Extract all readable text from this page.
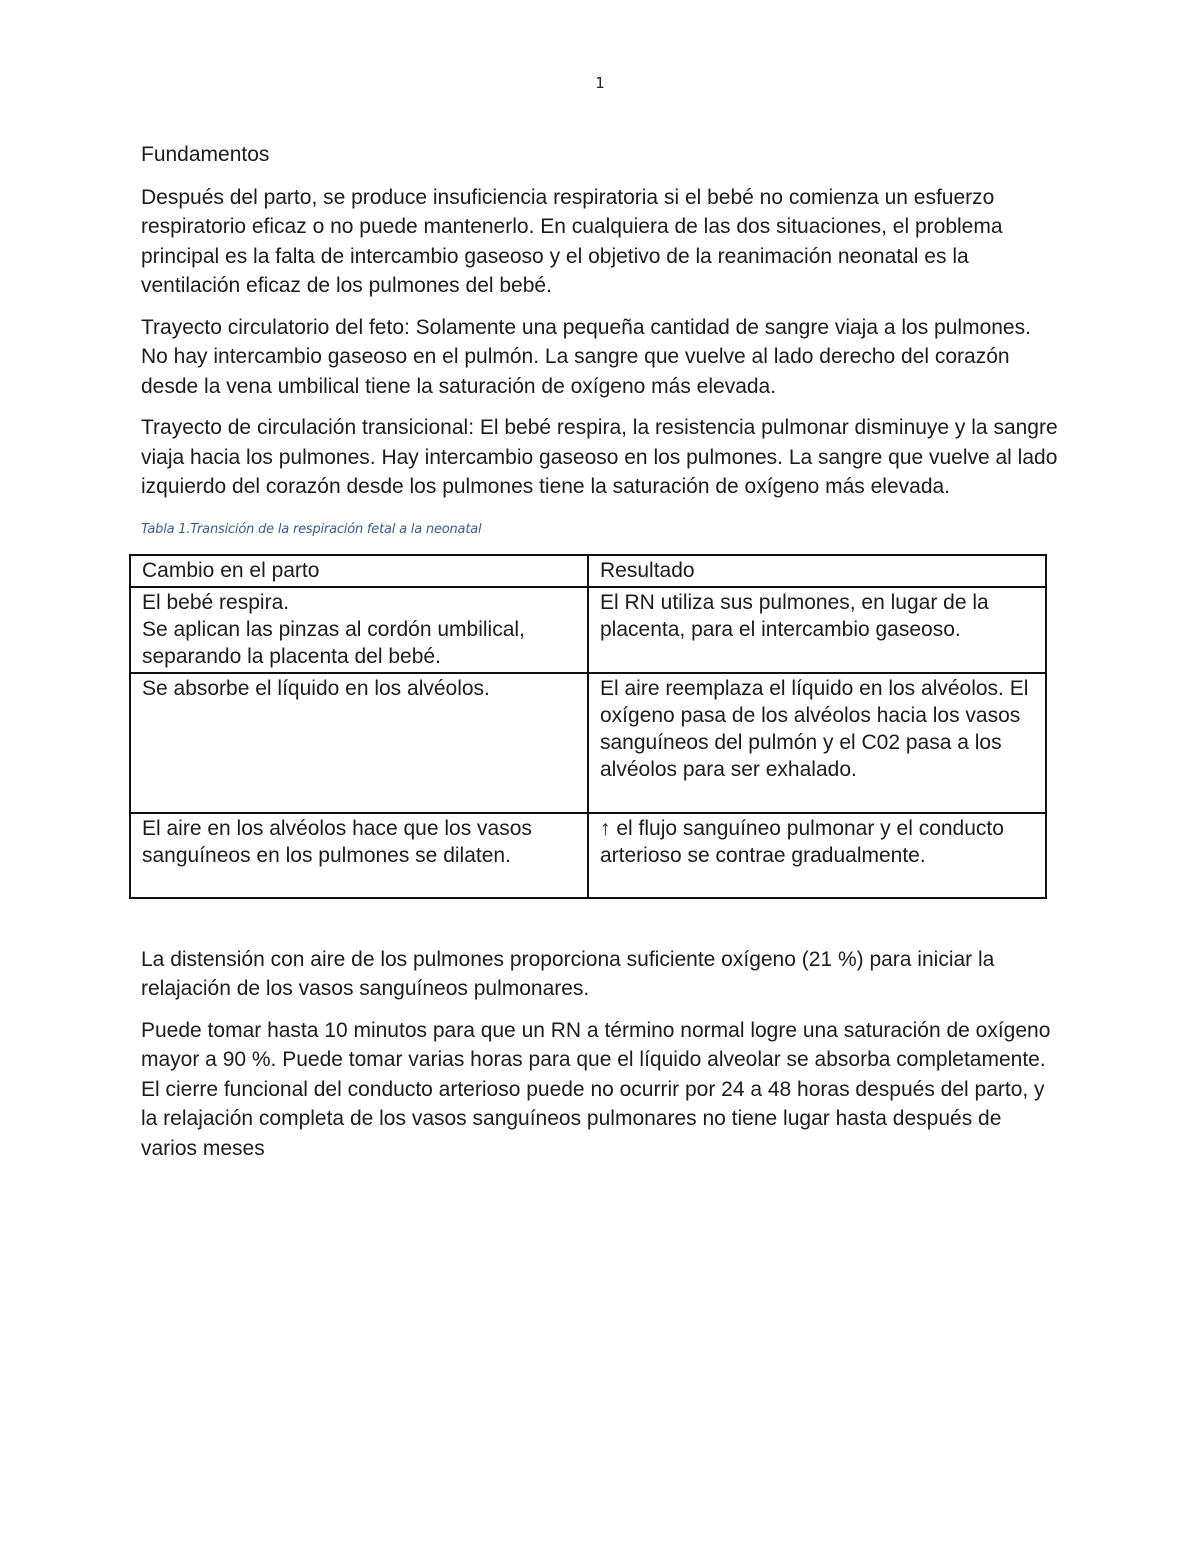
1

Fundamentos

Después del parto, se produce insuficiencia respiratoria si el bebé no comienza un esfuerzo respiratorio eficaz o no puede mantenerlo. En cualquiera de las dos situaciones, el problema principal es la falta de intercambio gaseoso y el objetivo de la reanimación neonatal es la ventilación eficaz de los pulmones del bebé.

Trayecto circulatorio del feto: Solamente una pequeña cantidad de sangre viaja a los pulmones. No hay intercambio gaseoso en el pulmón. La sangre que vuelve al lado derecho del corazón desde la vena umbilical tiene la saturación de oxígeno más elevada.

Trayecto de circulación transicional: El bebé respira, la resistencia pulmonar disminuye y la sangre viaja hacia los pulmones. Hay intercambio gaseoso en los pulmones. La sangre que vuelve al lado izquierdo del corazón desde los pulmones tiene la saturación de oxígeno más elevada.

Tabla 1.Transición de la respiración fetal a la neonatal
Cambio en el parto	Resultado

El bebé respira.
Se aplican las pinzas al cordón umbilical, separando la placenta del bebé.	El RN utiliza sus pulmones, en lugar de la placenta, para el intercambio gaseoso.

Se absorbe el líquido en los alvéolos.	El aire reemplaza el líquido en los alvéolos. El oxígeno pasa de los alvéolos hacia los vasos sanguíneos del pulmón y el C02 pasa a los alvéolos para ser exhalado.

El aire en los alvéolos hace que los vasos sanguíneos en los pulmones se dilaten.	↑ el flujo sanguíneo pulmonar y el conducto arterioso se contrae gradualmente.

La distensión con aire de los pulmones proporciona suficiente oxígeno (21 %) para iniciar la relajación de los vasos sanguíneos pulmonares.

Puede tomar hasta 10 minutos para que un RN a término normal logre una saturación de oxígeno mayor a 90 %. Puede tomar varias horas para que el líquido alveolar se absorba completamente. El cierre funcional del conducto arterioso puede no ocurrir por 24 a 48 horas después del parto, y la relajación completa de los vasos sanguíneos pulmonares no tiene lugar hasta después de varios meses
